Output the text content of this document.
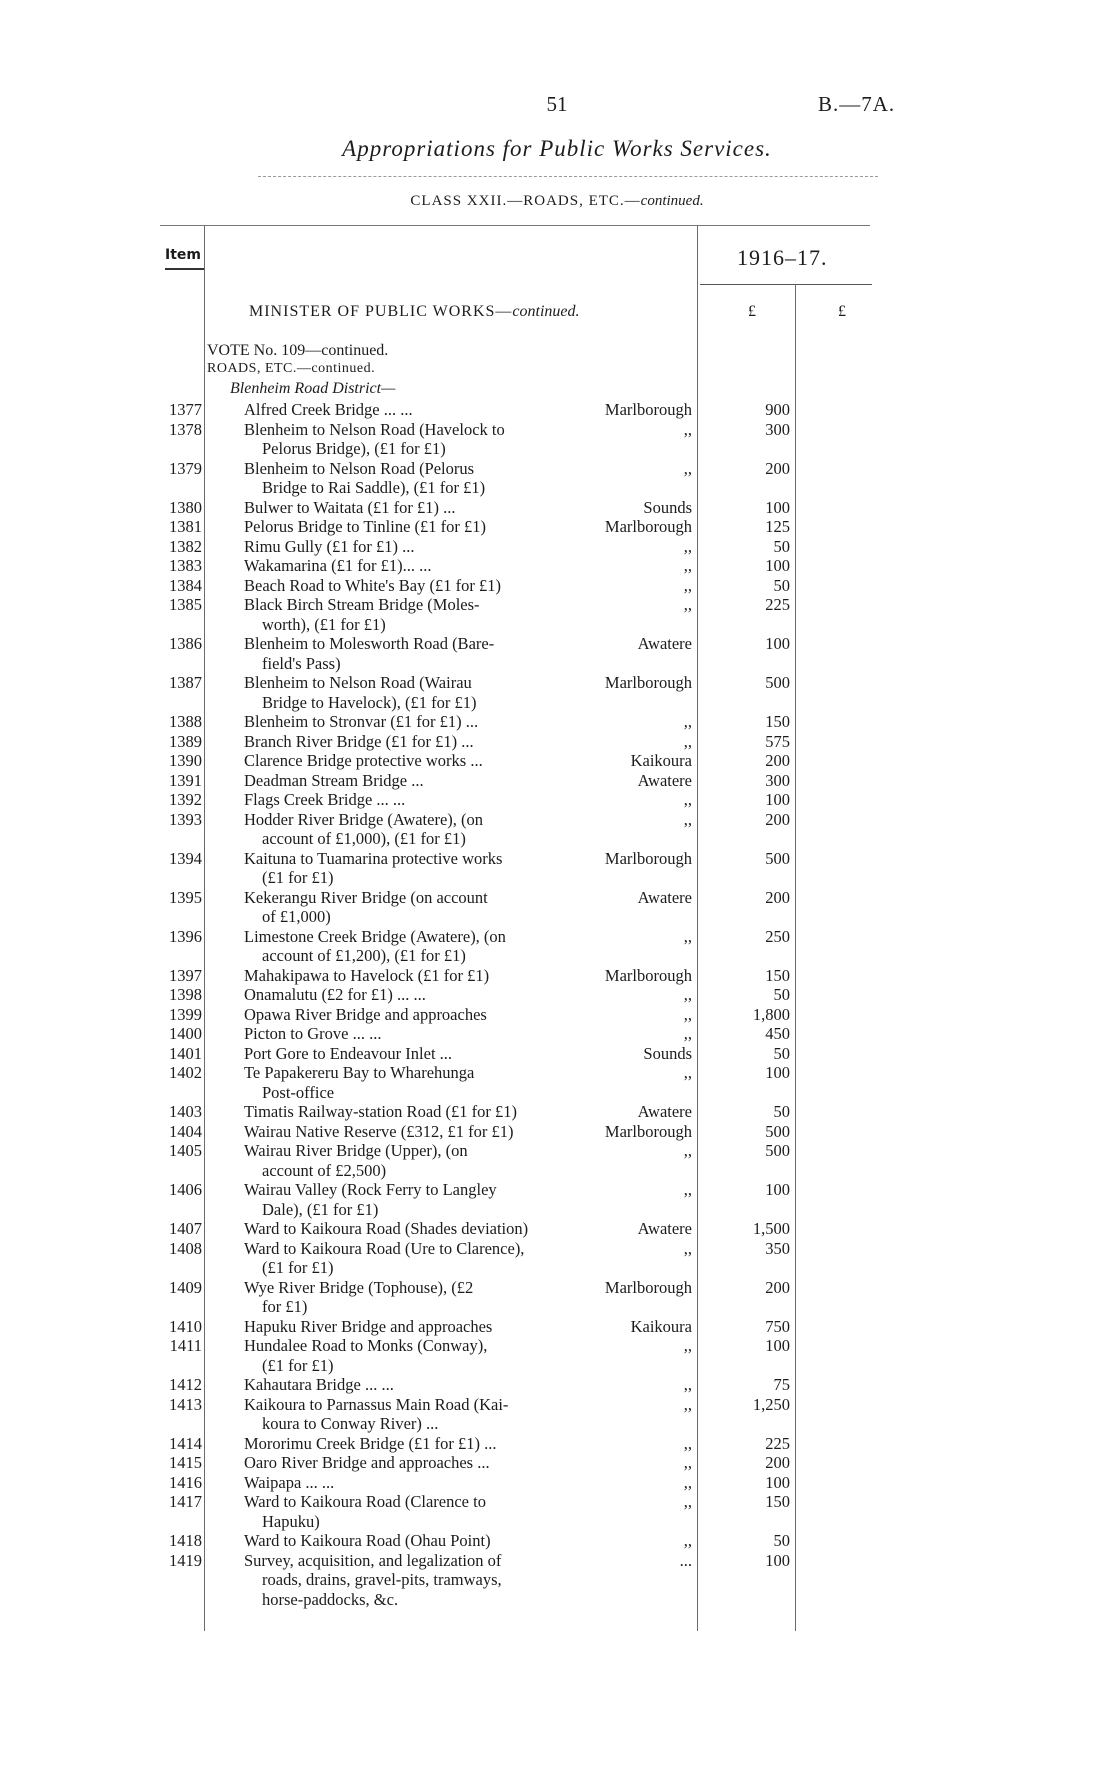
51	B.—7A.
Appropriations for Public Works Services.
CLASS XXII.—ROADS, ETC.—continued.
Item	1916–17.
MINISTER OF PUBLIC WORKS—continued.	£	£
VOTE No. 109—continued.
ROADS, ETC.—continued.
Blenheim Road District—
1377	Alfred Creek Bridge ... ...	Marlborough	900
1378	Blenheim to Nelson Road (Havelock to
Pelorus Bridge), (£1 for £1)
,,	300
1379	Blenheim to Nelson Road (Pelorus
Bridge to Rai Saddle), (£1 for £1)
,,	200
1380	Bulwer to Waitata (£1 for £1) ...	Sounds	100
1381	Pelorus Bridge to Tinline (£1 for £1)	Marlborough	125
1382	Rimu Gully (£1 for £1) ...	,,	50
1383	Wakamarina (£1 for £1)... ...	,,	100
1384	Beach Road to White's Bay (£1 for £1)	,,	50
1385	Black Birch Stream Bridge (Moles-
worth), (£1 for £1)
,,	225
1386	Blenheim to Molesworth Road (Bare-
field's Pass)
Awatere	100
1387	Blenheim to Nelson Road (Wairau
Bridge to Havelock), (£1 for £1)
Marlborough	500
1388	Blenheim to Stronvar (£1 for £1) ...	,,	150
1389	Branch River Bridge (£1 for £1) ...	,,	575
1390	Clarence Bridge protective works ...	Kaikoura	200
1391	Deadman Stream Bridge ...	Awatere	300
1392	Flags Creek Bridge ... ...	,,	100
1393	Hodder River Bridge (Awatere), (on
account of £1,000), (£1 for £1)
,,	200
1394	Kaituna to Tuamarina protective works
(£1 for £1)
Marlborough	500
1395	Kekerangu River Bridge (on account
of £1,000)
Awatere	200
1396	Limestone Creek Bridge (Awatere), (on
account of £1,200), (£1 for £1)
,,	250
1397	Mahakipawa to Havelock (£1 for £1)	Marlborough	150
1398	Onamalutu (£2 for £1) ... ...	,,	50
1399	Opawa River Bridge and approaches	,,	1,800
1400	Picton to Grove ... ...	,,	450
1401	Port Gore to Endeavour Inlet ...	Sounds	50
1402	Te Papakereru Bay to Wharehunga
Post-office
,,	100
1403	Timatis Railway-station Road (£1 for £1)	Awatere	50
1404	Wairau Native Reserve (£312, £1 for £1)	Marlborough	500
1405	Wairau River Bridge (Upper), (on
account of £2,500)
,,	500
1406	Wairau Valley (Rock Ferry to Langley
Dale), (£1 for £1)
,,	100
1407	Ward to Kaikoura Road (Shades deviation)	Awatere	1,500
1408	Ward to Kaikoura Road (Ure to Clarence),
(£1 for £1)
,,	350
1409	Wye River Bridge (Tophouse), (£2
for £1)
Marlborough	200
1410	Hapuku River Bridge and approaches	Kaikoura	750
1411	Hundalee Road to Monks (Conway),
(£1 for £1)
,,	100
1412	Kahautara Bridge ... ...	,,	75
1413	Kaikoura to Parnassus Main Road (Kai-
koura to Conway River) ...
,,	1,250
1414	Mororimu Creek Bridge (£1 for £1) ...	,,	225
1415	Oaro River Bridge and approaches ...	,,	200
1416	Waipapa ... ...	,,	100
1417	Ward to Kaikoura Road (Clarence to
Hapuku)
,,	150
1418	Ward to Kaikoura Road (Ohau Point)	,,	50
1419	Survey, acquisition, and legalization of
roads, drains, gravel-pits, tramways,
horse-paddocks, &c.
...	100
